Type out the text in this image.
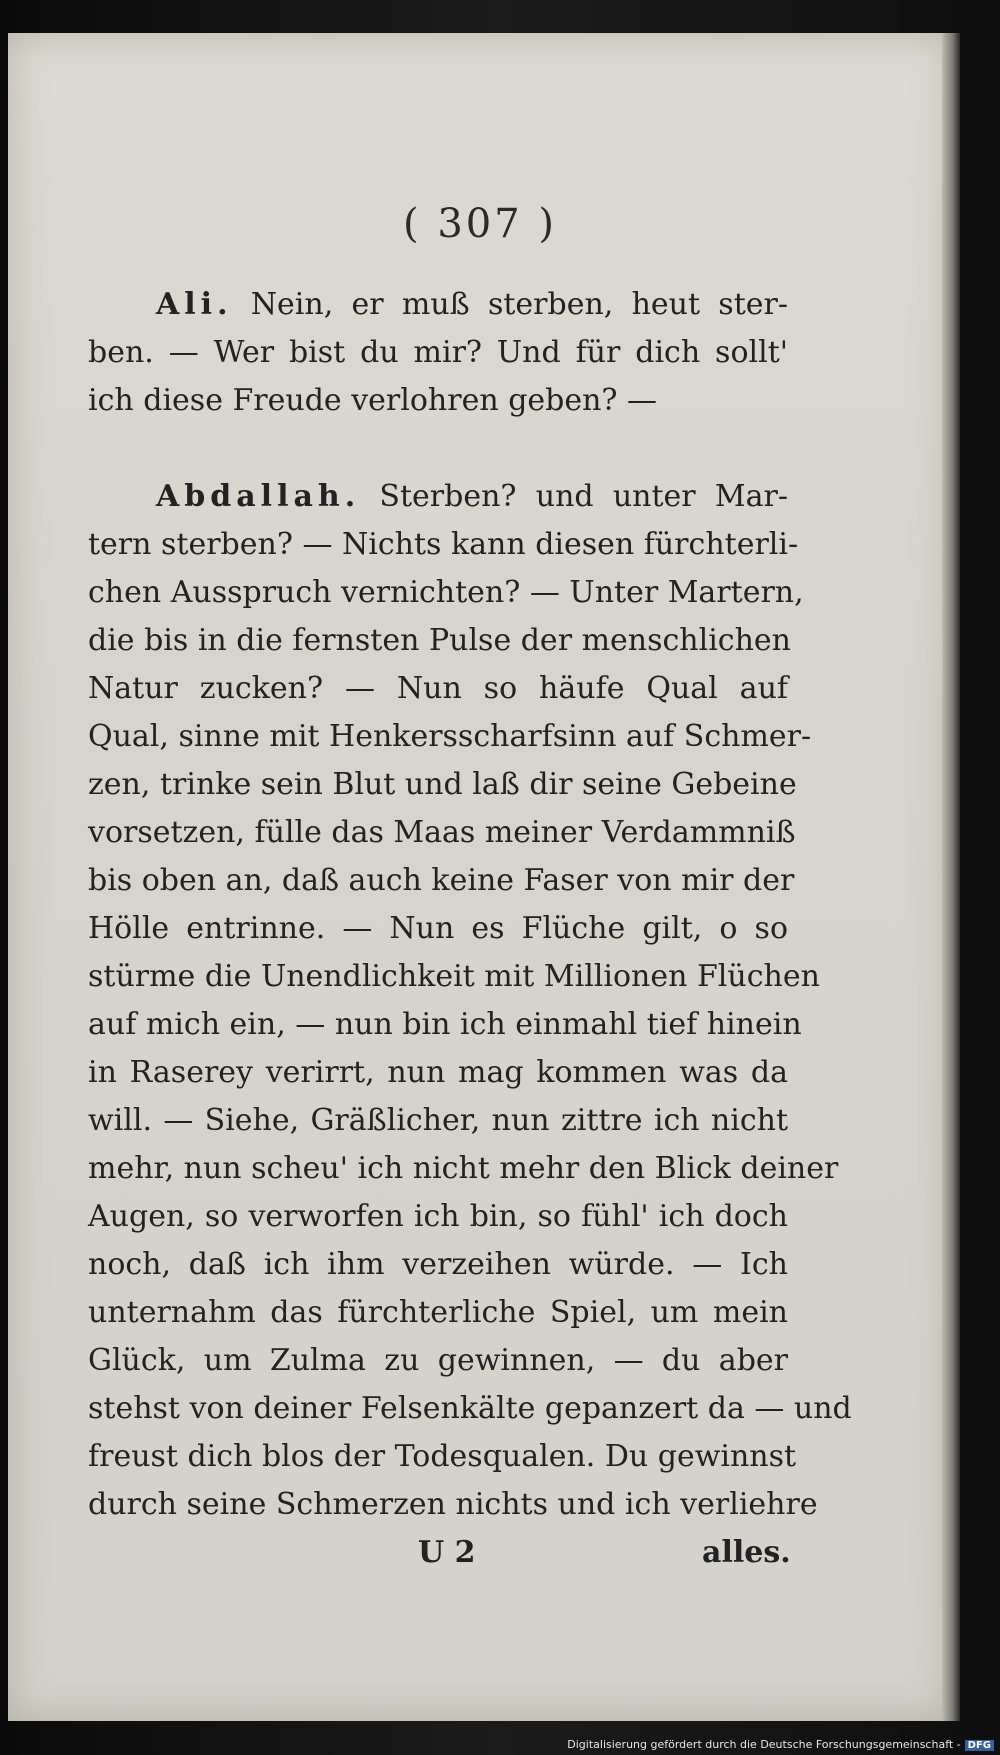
( 307 )
Ali. Nein, er muß sterben, heut ster-
ben. — Wer bist du mir? Und für dich sollt'
ich diese Freude verlohren geben? —
Abdallah. Sterben? und unter Mar-
tern sterben? — Nichts kann diesen fürchterli-
chen Ausspruch vernichten? — Unter Martern,
die bis in die fernsten Pulse der menschlichen
Natur zucken? — Nun so häufe Qual auf
Qual, sinne mit Henkersscharfsinn auf Schmer-
zen, trinke sein Blut und laß dir seine Gebeine
vorsetzen, fülle das Maas meiner Verdammniß
bis oben an, daß auch keine Faser von mir der
Hölle entrinne. — Nun es Flüche gilt, o so
stürme die Unendlichkeit mit Millionen Flüchen
auf mich ein, — nun bin ich einmahl tief hinein
in Raserey verirrt, nun mag kommen was da
will. — Siehe, Gräßlicher, nun zittre ich nicht
mehr, nun scheu' ich nicht mehr den Blick deiner
Augen, so verworfen ich bin, so fühl' ich doch
noch, daß ich ihm verzeihen würde. — Ich
unternahm das fürchterliche Spiel, um mein
Glück, um Zulma zu gewinnen, — du aber
stehst von deiner Felsenkälte gepanzert da — und
freust dich blos der Todesqualen. Du gewinnst
durch seine Schmerzen nichts und ich verliehre
U 2	alles.
Digitalisierung gefördert durch die Deutsche Forschungsgemeinschaft - DFG
